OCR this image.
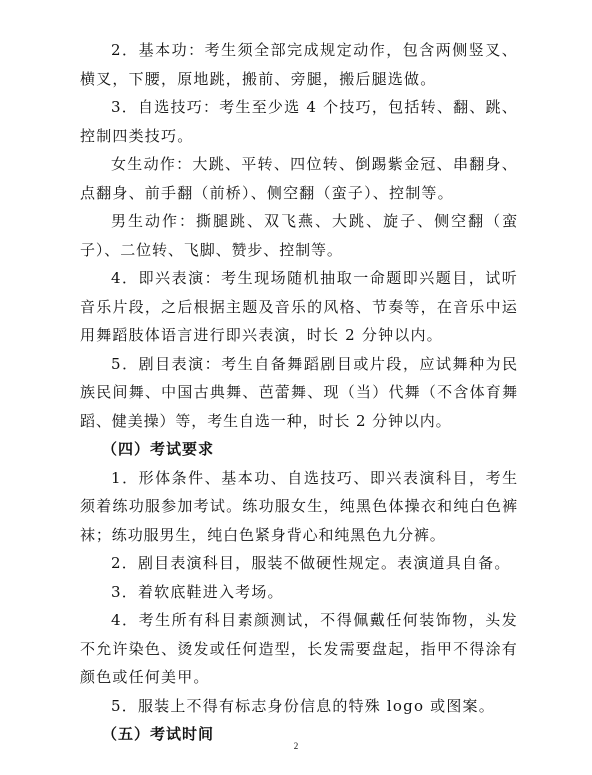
2．基本功：考生须全部完成规定动作，包含两侧竖叉、横叉，下腰，原地跳，搬前、旁腿，搬后腿选做。

3．自选技巧：考生至少选 4 个技巧，包括转、翻、跳、控制四类技巧。

女生动作：大跳、平转、四位转、倒踢紫金冠、串翻身、点翻身、前手翻（前桥）、侧空翻（蛮子）、控制等。

男生动作：撕腿跳、双飞燕、大跳、旋子、侧空翻（蛮子）、二位转、飞脚、赞步、控制等。

4．即兴表演：考生现场随机抽取一命题即兴题目，试听音乐片段，之后根据主题及音乐的风格、节奏等，在音乐中运用舞蹈肢体语言进行即兴表演，时长 2 分钟以内。

5．剧目表演：考生自备舞蹈剧目或片段，应试舞种为民族民间舞、中国古典舞、芭蕾舞、现（当）代舞（不含体育舞蹈、健美操）等，考生自选一种，时长 2 分钟以内。

（四）考试要求

1．形体条件、基本功、自选技巧、即兴表演科目，考生须着练功服参加考试。练功服女生，纯黑色体操衣和纯白色裤袜；练功服男生，纯白色紧身背心和纯黑色九分裤。

2．剧目表演科目，服装不做硬性规定。表演道具自备。

3．着软底鞋进入考场。

4．考生所有科目素颜测试，不得佩戴任何装饰物，头发不允许染色、烫发或任何造型，长发需要盘起，指甲不得涂有颜色或任何美甲。

5．服装上不得有标志身份信息的特殊 logo 或图案。

（五）考试时间

2
